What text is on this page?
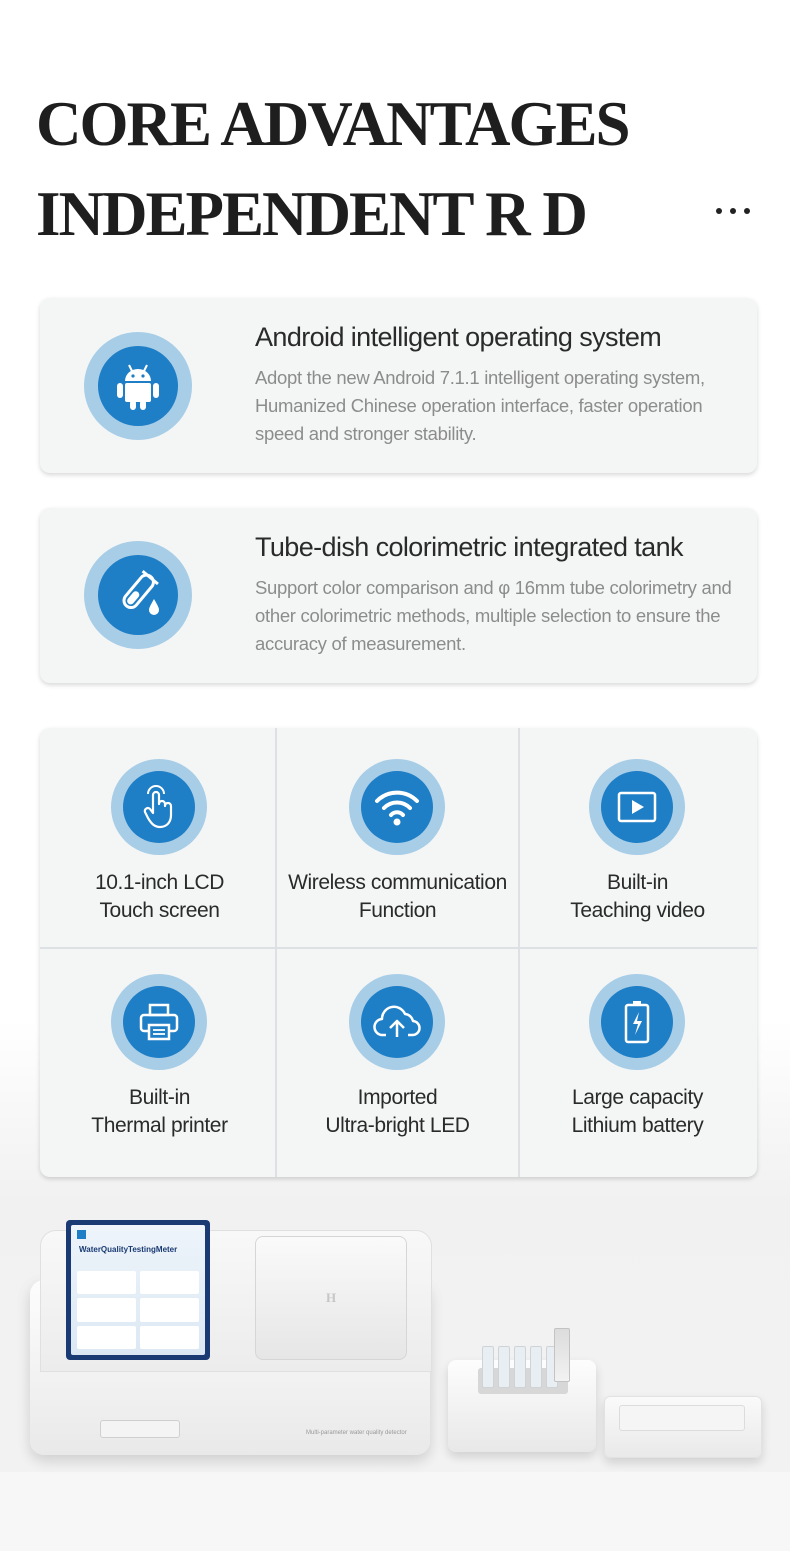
CORE ADVANTAGES
INDEPENDENT R D
Android intelligent operating system
Adopt the new Android 7.1.1 intelligent operating system, Humanized Chinese operation interface, faster operation speed and stronger stability.
Tube-dish colorimetric integrated tank
Support color comparison and φ 16mm tube colorimetry and other colorimetric methods, multiple selection to ensure the accuracy of measurement.
10.1-inch LCD
Touch screen
Wireless communication
Function
Built-in
Teaching video
Built-in
Thermal printer
Imported
Ultra-bright LED
Large capacity
Lithium battery
H
WaterQualityTestingMeter
Multi-parameter water quality detector
